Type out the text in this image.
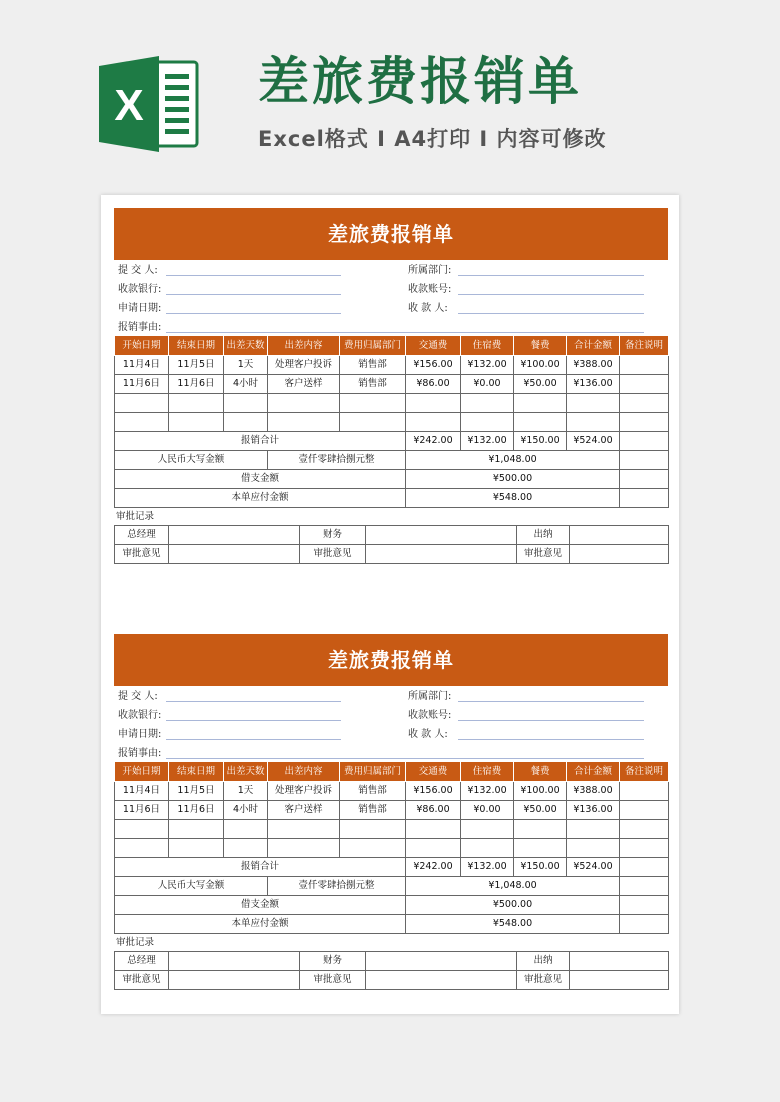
X 差旅费报销单
Excel格式 I A4打印 I 内容可修改
差旅费报销单
提 交 人:	所属部门:
收款银行:	收款账号:
申请日期:	收 款 人:
报销事由:
开始日期	结束日期	出差天数	出差内容	费用归属部门	交通费	住宿费	餐费	合计金额	备注说明
11月4日	11月5日	1天	处理客户投诉	销售部	¥156.00	¥132.00	¥100.00	¥388.00	
11月6日	11月6日	4小时	客户送样	销售部	¥86.00	¥0.00	¥50.00	¥136.00	

报销合计					¥242.00	¥132.00	¥150.00	¥524.00	
人民币大写金额			壹仟零肆拾捌元整		¥1,048.00				
借支金额					¥500.00				
本单应付金额					¥548.00				
审批记录
总经理		财务		出纳	
审批意见		审批意见		审批意见	
差旅费报销单
提 交 人:	所属部门:
收款银行:	收款账号:
申请日期:	收 款 人:
报销事由:
开始日期	结束日期	出差天数	出差内容	费用归属部门	交通费	住宿费	餐费	合计金额	备注说明
11月4日	11月5日	1天	处理客户投诉	销售部	¥156.00	¥132.00	¥100.00	¥388.00	
11月6日	11月6日	4小时	客户送样	销售部	¥86.00	¥0.00	¥50.00	¥136.00	

报销合计					¥242.00	¥132.00	¥150.00	¥524.00	
人民币大写金额			壹仟零肆拾捌元整		¥1,048.00				
借支金额					¥500.00				
本单应付金额					¥548.00				
审批记录
总经理		财务		出纳	
审批意见		审批意见		审批意见	
